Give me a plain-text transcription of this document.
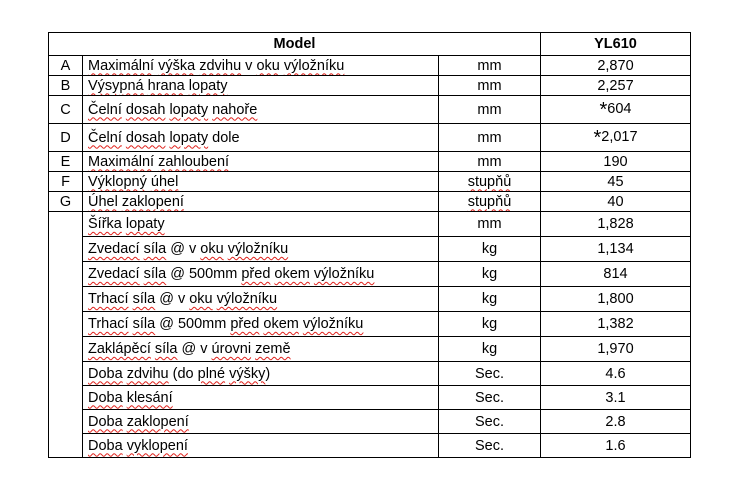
Model			YL610
A	Maximální výška zdvihu v oku výložníku	mm	2,870
B	Výsypná hrana lopaty	mm	2,257
C	Čelní dosah lopaty nahoře	mm	*604
D	Čelní dosah lopaty dole	mm	*2,017
E	Maximální zahloubení	mm	190
F	Výklopný úhel	stupňů	45
G	Úhel zaklopení	stupňů	40
	Šířka lopaty	mm	1,828
	Zvedací síla @ v oku výložníku	kg	1,134
	Zvedací síla @ 500mm před okem výložníku	kg	814
	Trhací síla @ v oku výložníku	kg	1,800
	Trhací síla @ 500mm před okem výložníku	kg	1,382
	Zaklápěcí síla @ v úrovni země	kg	1,970
	Doba zdvihu (do plné výšky)	Sec.	4.6
	Doba klesání	Sec.	3.1
	Doba zaklopení	Sec.	2.8
	Doba vyklopení	Sec.	1.6
